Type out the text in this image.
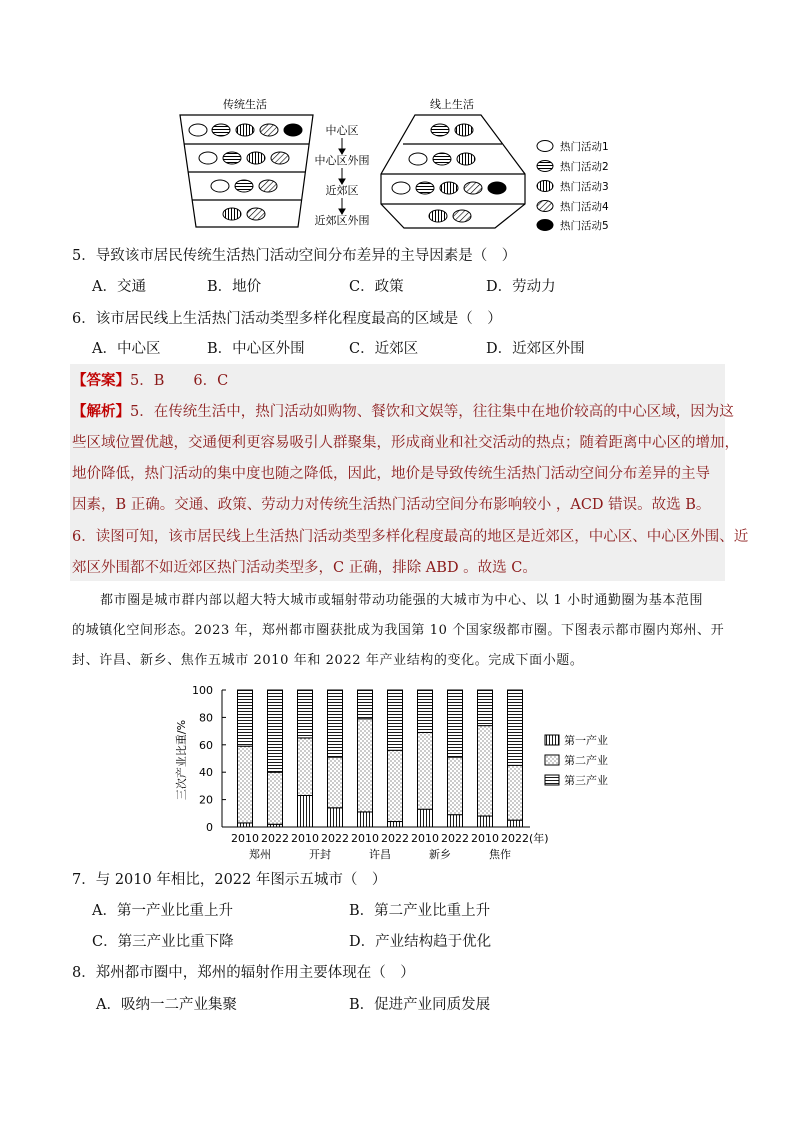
传统生活	线上生活
中心区
中心区外围
近郊区
近郊区外围
热门活动1
热门活动2
热门活动3
热门活动4
热门活动5
5．导致该市居民传统生活热门活动空间分布差异的主导因素是（　）
A．交通	B．地价	C．政策	D．劳动力
6．该市居民线上生活热门活动类型多样化程度最高的区域是（　）
A．中心区	B．中心区外围	C．近郊区	D．近郊区外围
【答案】5．B　　6．C
【解析】5．在传统生活中，热门活动如购物、餐饮和文娱等，往往集中在地价较高的中心区域，因为这
些区域位置优越，交通便利更容易吸引人群聚集，形成商业和社交活动的热点；随着距离中心区的增加，
地价降低，热门活动的集中度也随之降低，因此，地价是导致传统生活热门活动空间分布差异的主导
因素，B 正确。交通、政策、劳动力对传统生活热门活动空间分布影响较小 ，ACD 错误。故选 B。
6．读图可知，该市居民线上生活热门活动类型多样化程度最高的地区是近郊区，中心区、中心区外围、近
郊区外围都不如近郊区热门活动类型多，C 正确，排除 ABD 。故选 C。
都市圈是城市群内部以超大特大城市或辐射带动功能强的大城市为中心、以 1 小时通勤圈为基本范围
的城镇化空间形态。2023 年，郑州都市圈获批成为我国第 10 个国家级都市圈。下图表示都市圈内郑州、开
封、许昌、新乡、焦作五城市 2010 年和 2022 年产业结构的变化。完成下面小题。
三次产业比重/%
0
20
40
60
80
100
2010 2022 2010 2022 2010 2022 2010 2022 2010 2022 (年)
郑州	开封	许昌	新乡	焦作
第一产业
第二产业
第三产业
7．与 2010 年相比，2022 年图示五城市（　）
A．第一产业比重上升	B．第二产业比重上升
C．第三产业比重下降	D．产业结构趋于优化
8．郑州都市圈中，郑州的辐射作用主要体现在（　）
A．吸纳一二产业集聚	B．促进产业同质发展
